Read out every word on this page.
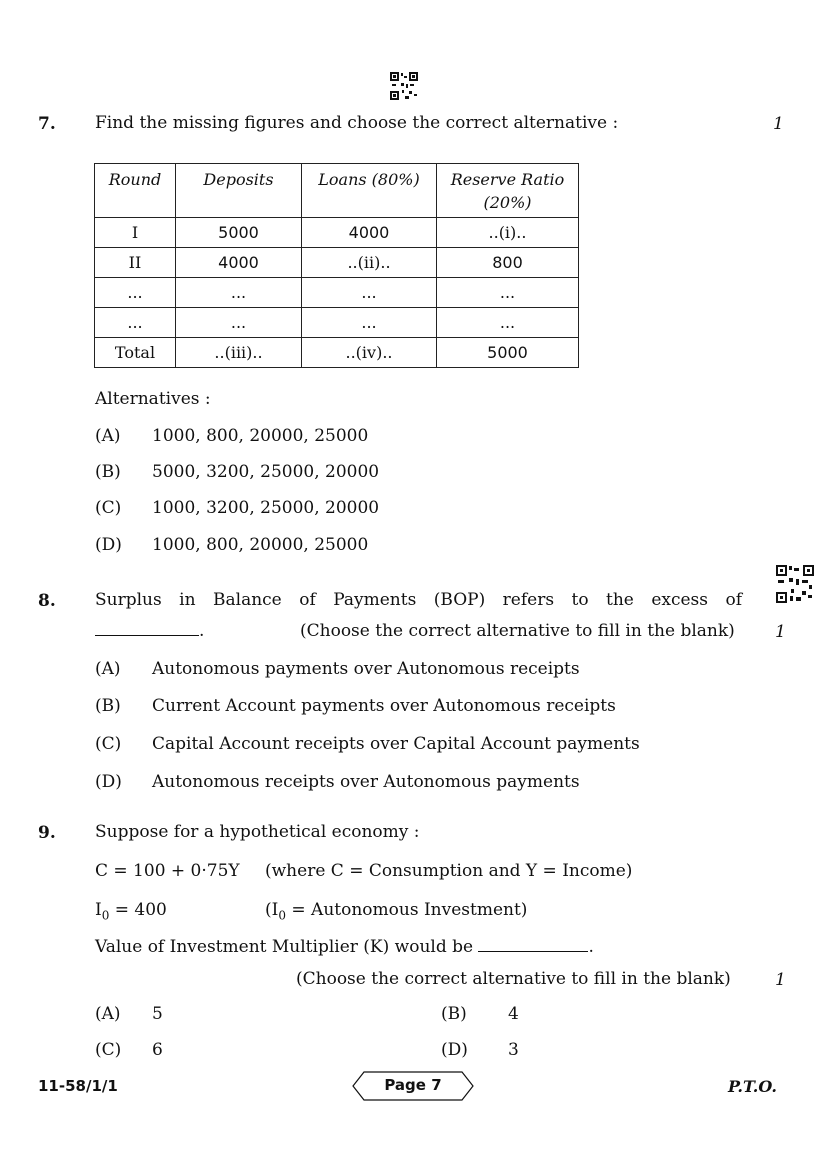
7. Find the missing figures and choose the correct alternative :	1
Round	Deposits	Loans (80%)	Reserve Ratio
(20%)

I	5000	4000	..(i)..
II	4000	..(ii)..	800
...	...	...	...
...	...	...	...
Total	..(iii)..	..(iv)..	5000
Alternatives :
(A) 1000, 800, 20000, 25000
(B) 5000, 3200, 25000, 20000
(C) 1000, 3200, 25000, 20000
(D) 1000, 800, 20000, 25000
8. Surplus in Balance of Payments (BOP) refers to the excess of
.	(Choose the correct alternative to fill in the blank) 1
(A) Autonomous payments over Autonomous receipts
(B) Current Account payments over Autonomous receipts
(C) Capital Account receipts over Capital Account payments
(D) Autonomous receipts over Autonomous payments
9. Suppose for a hypothetical economy :
C = 100 + 0·75Y (where C = Consumption and Y = Income)
$I_0 = 400$	($I_0$ = Autonomous Investment)
Value of Investment Multiplier (K) would be	.
(Choose the correct alternative to fill in the blank)	1
(A) 5	(B) 4
(C) 6	(D) 3
11-58/1/1	Page 7	P.T.O.
